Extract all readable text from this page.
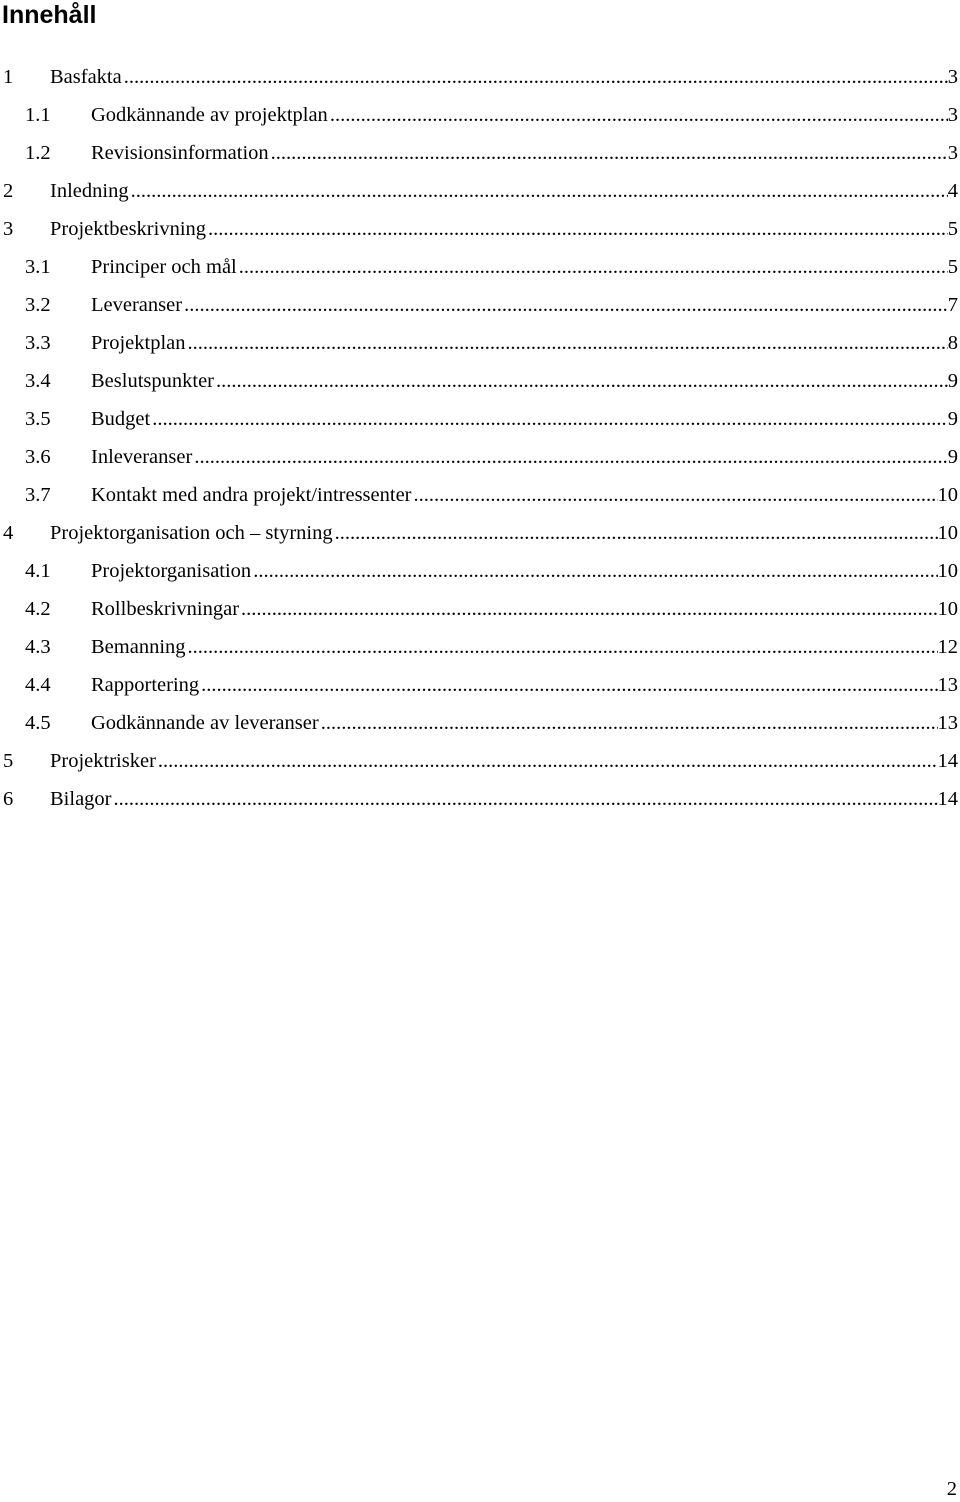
Innehåll
1	Basfakta .....	3
1.1	Godkännande av projektplan .....	3
1.2	Revisionsinformation .....	3
2	Inledning .....	4
3	Projektbeskrivning .....	5
3.1	Principer och mål .....	5
3.2	Leveranser .....	7
3.3	Projektplan .....	8
3.4	Beslutspunkter .....	9
3.5	Budget .....	9
3.6	Inleveranser .....	9
3.7	Kontakt med andra projekt/intressenter .....	10
4	Projektorganisation och – styrning .....	10
4.1	Projektorganisation .....	10
4.2	Rollbeskrivningar .....	10
4.3	Bemanning .....	12
4.4	Rapportering .....	13
4.5	Godkännande av leveranser .....	13
5	Projektrisker .....	14
6	Bilagor .....	14
2
